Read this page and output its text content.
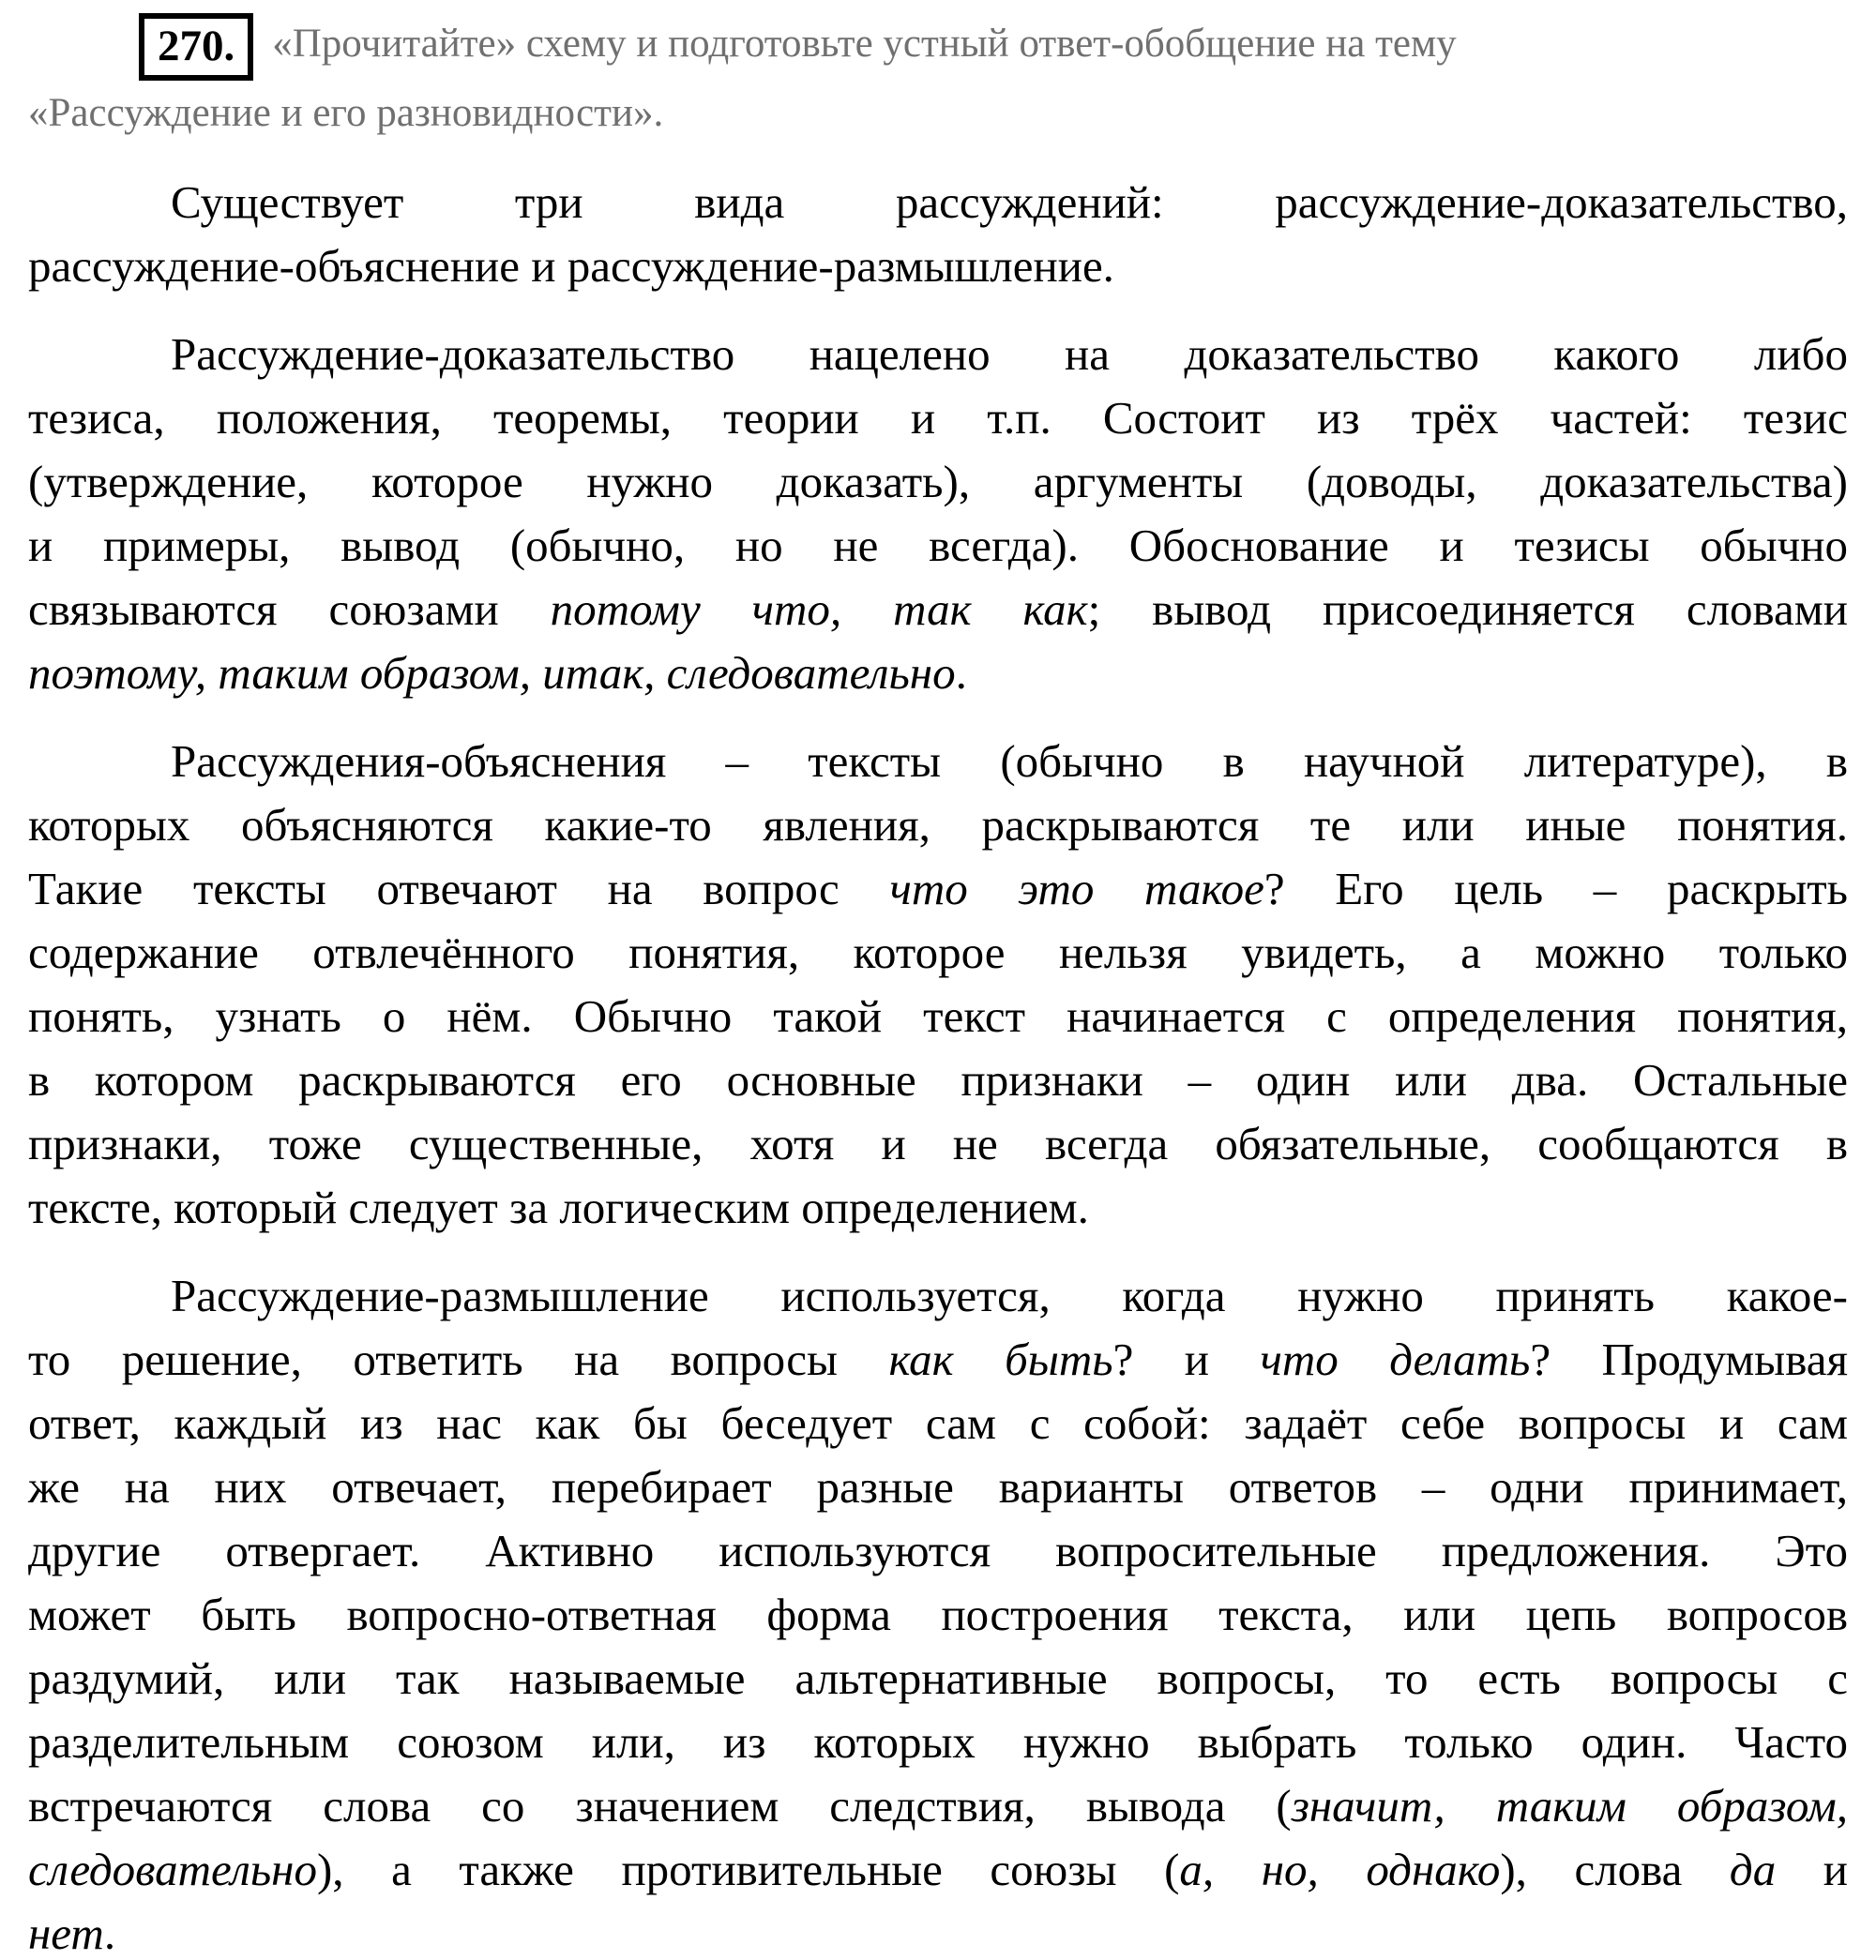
270. «Прочитайте» схему и подготовьте устный ответ-обобщение на тему
«Рассуждение и его разновидности».
Существует три вида рассуждений: рассуждение-доказательство,
рассуждение-объяснение и рассуждение-размышление.
Рассуждение-доказательство нацелено на доказательство какого либо
тезиса, положения, теоремы, теории и т.п. Состоит из трёх частей: тезис
(утверждение, которое нужно доказать), аргументы (доводы, доказательства)
и примеры, вывод (обычно, но не всегда). Обоснование и тезисы обычно
связываются союзами потому что, так как; вывод присоединяется словами
поэтому, таким образом, итак, следовательно.
Рассуждения-объяснения – тексты (обычно в научной литературе), в
которых объясняются какие-то явления, раскрываются те или иные понятия.
Такие тексты отвечают на вопрос что это такое? Его цель – раскрыть
содержание отвлечённого понятия, которое нельзя увидеть, а можно только
понять, узнать о нём. Обычно такой текст начинается с определения понятия,
в котором раскрываются его основные признаки – один или два. Остальные
признаки, тоже существенные, хотя и не всегда обязательные, сообщаются в
тексте, который следует за логическим определением.
Рассуждение-размышление используется, когда нужно принять какое-
то решение, ответить на вопросы как быть? и что делать? Продумывая
ответ, каждый из нас как бы беседует сам с собой: задаёт себе вопросы и сам
же на них отвечает, перебирает разные варианты ответов – одни принимает,
другие отвергает. Активно используются вопросительные предложения. Это
может быть вопросно-ответная форма построения текста, или цепь вопросов
раздумий, или так называемые альтернативные вопросы, то есть вопросы с
разделительным союзом или, из которых нужно выбрать только один. Часто
встречаются слова со значением следствия, вывода (значит, таким образом,
следовательно), а также противительные союзы (а, но, однако), слова да и
нет.
